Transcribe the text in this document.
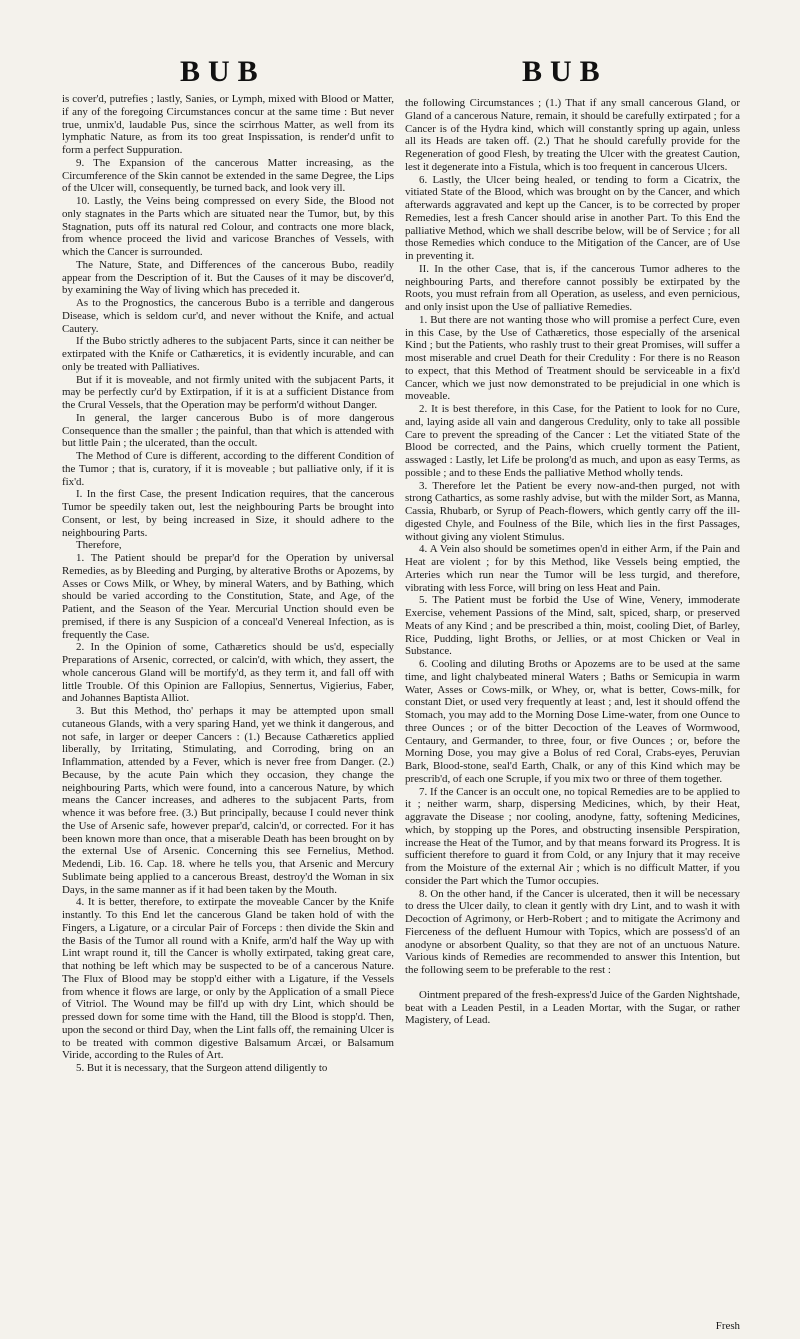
BUB	BUB

is cover'd, putrefies ; lastly, Sanies, or Lymph, mixed with Blood or Matter, if any of the foregoing Circumstances concur at the same time : But never true, unmix'd, laudable Pus, since the scirrhous Matter, as well from its lymphatic Nature, as from its too great Inspissation, is render'd unfit to form a perfect Suppuration.

9. The Expansion of the cancerous Matter increasing, as the Circumference of the Skin cannot be extended in the same Degree, the Lips of the Ulcer will, consequently, be turned back, and look very ill.

10. Lastly, the Veins being compressed on every Side, the Blood not only stagnates in the Parts which are situated near the Tumor, but, by this Stagnation, puts off its natural red Colour, and contracts one more black, from whence proceed the livid and varicose Branches of Vessels, with which the Cancer is surrounded.

The Nature, State, and Differences of the cancerous Bubo, readily appear from the Description of it. But the Causes of it may be discover'd, by examining the Way of living which has preceded it.

As to the Prognostics, the cancerous Bubo is a terrible and dangerous Disease, which is seldom cur'd, and never without the Knife, and actual Cautery.

If the Bubo strictly adheres to the subjacent Parts, since it can neither be extirpated with the Knife or Cathæretics, it is evidently incurable, and can only be treated with Palliatives.

But if it is moveable, and not firmly united with the subjacent Parts, it may be perfectly cur'd by Extirpation, if it is at a sufficient Distance from the Crural Vessels, that the Operation may be perform'd without Danger.

In general, the larger cancerous Bubo is of more dangerous Consequence than the smaller ; the painful, than that which is attended with but little Pain ; the ulcerated, than the occult.

The Method of Cure is different, according to the different Condition of the Tumor ; that is, curatory, if it is moveable ; but palliative only, if it is fix'd.

I. In the first Case, the present Indication requires, that the cancerous Tumor be speedily taken out, lest the neighbouring Parts be brought into Consent, or lest, by being increased in Size, it should adhere to the neighbouring Parts.

Therefore,

1. The Patient should be prepar'd for the Operation by universal Remedies, as by Bleeding and Purging, by alterative Broths or Apozems, by Asses or Cows Milk, or Whey, by mineral Waters, and by Bathing, which should be varied according to the Constitution, State, and Age, of the Patient, and the Season of the Year. Mercurial Unction should even be premised, if there is any Suspicion of a conceal'd Venereal Infection, as is frequently the Case.

2. In the Opinion of some, Cathæretics should be us'd, especially Preparations of Arsenic, corrected, or calcin'd, with which, they assert, the whole cancerous Gland will be mortify'd, as they term it, and fall off with little Trouble. Of this Opinion are Fallopius, Sennertus, Vigierius, Faber, and Johannes Baptista Alliot.

3. But this Method, tho' perhaps it may be attempted upon small cutaneous Glands, with a very sparing Hand, yet we think it dangerous, and not safe, in larger or deeper Cancers : (1.) Because Cathæretics applied liberally, by Irritating, Stimulating, and Corroding, bring on an Inflammation, attended by a Fever, which is never free from Danger. (2.) Because, by the acute Pain which they occasion, they change the neighbouring Parts, which were found, into a cancerous Nature, by which means the Cancer increases, and adheres to the subjacent Parts, from whence it was before free. (3.) But principally, because I could never think the Use of Arsenic safe, however prepar'd, calcin'd, or corrected. For it has been known more than once, that a miserable Death has been brought on by the external Use of Arsenic. Concerning this see Fernelius, Method. Medendi, Lib. 16. Cap. 18. where he tells you, that Arsenic and Mercury Sublimate being applied to a cancerous Breast, destroy'd the Woman in six Days, in the same manner as if it had been taken by the Mouth.

4. It is better, therefore, to extirpate the moveable Cancer by the Knife instantly. To this End let the cancerous Gland be taken hold of with the Fingers, a Ligature, or a circular Pair of Forceps : then divide the Skin and the Basis of the Tumor all round with a Knife, arm'd half the Way up with Lint wrapt round it, till the Cancer is wholly extirpated, taking great care, that nothing be left which may be suspected to be of a cancerous Nature. The Flux of Blood may be stopp'd either with a Ligature, if the Vessels from whence it flows are large, or only by the Application of a small Piece of Vitriol. The Wound may be fill'd up with dry Lint, which should be pressed down for some time with the Hand, till the Blood is stopp'd. Then, upon the second or third Day, when the Lint falls off, the remaining Ulcer is to be treated with common digestive Balsamum Arcæi, or Balsamum Viride, according to the Rules of Art.

5. But it is necessary, that the Surgeon attend diligently to

the following Circumstances ; (1.) That if any small cancerous Gland, or Gland of a cancerous Nature, remain, it should be carefully extirpated ; for a Cancer is of the Hydra kind, which will constantly spring up again, unless all its Heads are taken off. (2.) That he should carefully provide for the Regeneration of good Flesh, by treating the Ulcer with the greatest Caution, lest it degenerate into a Fistula, which is too frequent in cancerous Ulcers.

6. Lastly, the Ulcer being healed, or tending to form a Cicatrix, the vitiated State of the Blood, which was brought on by the Cancer, and which afterwards aggravated and kept up the Cancer, is to be corrected by proper Remedies, lest a fresh Cancer should arise in another Part. To this End the palliative Method, which we shall describe below, will be of Service ; for all those Remedies which conduce to the Mitigation of the Cancer, are of Use in preventing it.

II. In the other Case, that is, if the cancerous Tumor adheres to the neighbouring Parts, and therefore cannot possibly be extirpated by the Roots, you must refrain from all Operation, as useless, and even pernicious, and only insist upon the Use of palliative Remedies.

1. But there are not wanting those who will promise a perfect Cure, even in this Case, by the Use of Cathæretics, those especially of the arsenical Kind ; but the Patients, who rashly trust to their great Promises, will suffer a most miserable and cruel Death for their Credulity : For there is no Reason to expect, that this Method of Treatment should be serviceable in a fix'd Cancer, which we just now demonstrated to be prejudicial in one which is moveable.

2. It is best therefore, in this Case, for the Patient to look for no Cure, and, laying aside all vain and dangerous Credulity, only to take all possible Care to prevent the spreading of the Cancer : Let the vitiated State of the Blood be corrected, and the Pains, which cruelly torment the Patient, asswaged : Lastly, let Life be prolong'd as much, and upon as easy Terms, as possible ; and to these Ends the palliative Method wholly tends.

3. Therefore let the Patient be every now-and-then purged, not with strong Cathartics, as some rashly advise, but with the milder Sort, as Manna, Cassia, Rhubarb, or Syrup of Peach-flowers, which gently carry off the ill-digested Chyle, and Foulness of the Bile, which lies in the first Passages, without giving any violent Stimulus.

4. A Vein also should be sometimes open'd in either Arm, if the Pain and Heat are violent ; for by this Method, like Vessels being emptied, the Arteries which run near the Tumor will be less turgid, and therefore, vibrating with less Force, will bring on less Heat and Pain.

5. The Patient must be forbid the Use of Wine, Venery, immoderate Exercise, vehement Passions of the Mind, salt, spiced, sharp, or preserved Meats of any Kind ; and be prescribed a thin, moist, cooling Diet, of Barley, Rice, Pudding, light Broths, or Jellies, or at most Chicken or Veal in Substance.

6. Cooling and diluting Broths or Apozems are to be used at the same time, and light chalybeated mineral Waters ; Baths or Semicupia in warm Water, Asses or Cows-milk, or Whey, or, what is better, Cows-milk, for constant Diet, or used very frequently at least ; and, lest it should offend the Stomach, you may add to the Morning Dose Lime-water, from one Ounce to three Ounces ; or of the bitter Decoction of the Leaves of Wormwood, Centaury, and Germander, to three, four, or five Ounces ; or, before the Morning Dose, you may give a Bolus of red Coral, Crabs-eyes, Peruvian Bark, Blood-stone, seal'd Earth, Chalk, or any of this Kind which may be prescrib'd, of each one Scruple, if you mix two or three of them together.

7. If the Cancer is an occult one, no topical Remedies are to be applied to it ; neither warm, sharp, dispersing Medicines, which, by their Heat, aggravate the Disease ; nor cooling, anodyne, fatty, softening Medicines, which, by stopping up the Pores, and obstructing insensible Perspiration, increase the Heat of the Tumor, and by that means forward its Progress. It is sufficient therefore to guard it from Cold, or any Injury that it may receive from the Moisture of the external Air ; which is no difficult Matter, if you consider the Part which the Tumor occupies.

8. On the other hand, if the Cancer is ulcerated, then it will be necessary to dress the Ulcer daily, to clean it gently with dry Lint, and to wash it with Decoction of Agrimony, or Herb-Robert ; and to mitigate the Acrimony and Fierceness of the defluent Humour with Topics, which are possess'd of an anodyne or absorbent Quality, so that they are not of an unctuous Nature. Various kinds of Remedies are recommended to answer this Intention, but the following seem to be preferable to the rest :

Ointment prepared of the fresh-express'd Juice of the Garden Nightshade, beat with a Leaden Pestil, in a Leaden Mortar, with the Sugar, or rather Magistery, of Lead.

Fresh
